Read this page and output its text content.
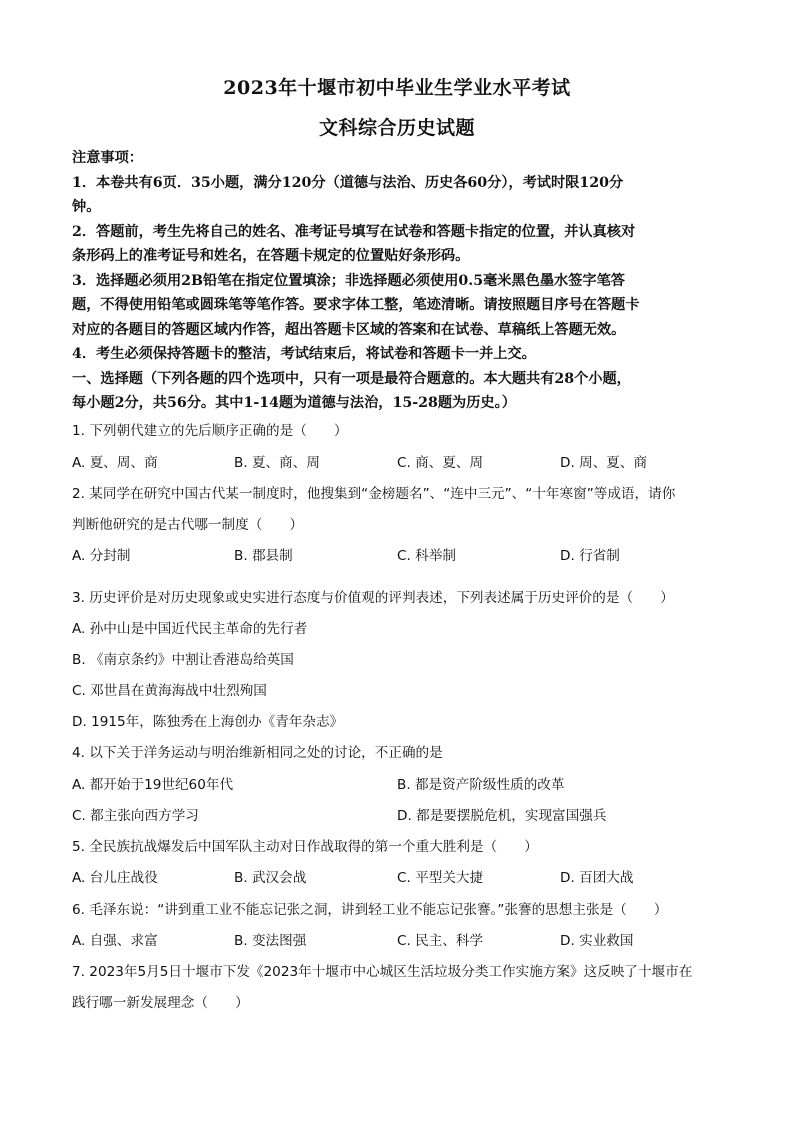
2023年十堰市初中毕业生学业水平考试
文科综合历史试题
注意事项：
1．本卷共有6页．35小题，满分120分（道德与法治、历史各60分），考试时限120分
钟。
2．答题前，考生先将自己的姓名、准考证号填写在试卷和答题卡指定的位置，并认真核对
条形码上的准考证号和姓名，在答题卡规定的位置贴好条形码。
3．选择题必须用2B铅笔在指定位置填涂；非选择题必须使用0.5毫米黑色墨水签字笔答
题，不得使用铅笔或圆珠笔等笔作答。要求字体工整，笔迹清晰。请按照题目序号在答题卡
对应的各题目的答题区域内作答，超出答题卡区域的答案和在试卷、草稿纸上答题无效。
4．考生必须保持答题卡的整洁，考试结束后，将试卷和答题卡一并上交。
一、选择题（下列各题的四个选项中，只有一项是最符合题意的。本大题共有28个小题，
每小题2分，共56分。其中1-14题为道德与法治，15-28题为历史。）
1. 下列朝代建立的先后顺序正确的是（　　）
A. 夏、周、商	B. 夏、商、周	C. 商、夏、周	D. 周、夏、商
2. 某同学在研究中国古代某一制度时，他搜集到“金榜题名”、“连中三元”、“十年寒窗”等成语，请你
判断他研究的是古代哪一制度（　　）
A. 分封制	B. 郡县制	C. 科举制	D. 行省制
3. 历史评价是对历史现象或史实进行态度与价值观的评判表述，下列表述属于历史评价的是（　　）
A. 孙中山是中国近代民主革命的先行者
B. 《南京条约》中割让香港岛给英国
C. 邓世昌在黄海海战中壮烈殉国
D. 1915年，陈独秀在上海创办《青年杂志》
4. 以下关于洋务运动与明治维新相同之处的讨论，不正确的是
A. 都开始于19世纪60年代	B. 都是资产阶级性质的改革
C. 都主张向西方学习	D. 都是要摆脱危机，实现富国强兵
5. 全民族抗战爆发后中国军队主动对日作战取得的第一个重大胜利是（　　）
A. 台儿庄战役	B. 武汉会战	C. 平型关大捷	D. 百团大战
6. 毛泽东说：“讲到重工业不能忘记张之洞，讲到轻工业不能忘记张謇。”张謇的思想主张是（　　）
A. 自强、求富	B. 变法图强	C. 民主、科学	D. 实业救国
7. 2023年5月5日十堰市下发《2023年十堰市中心城区生活垃圾分类工作实施方案》这反映了十堰市在
践行哪一新发展理念（　　）
